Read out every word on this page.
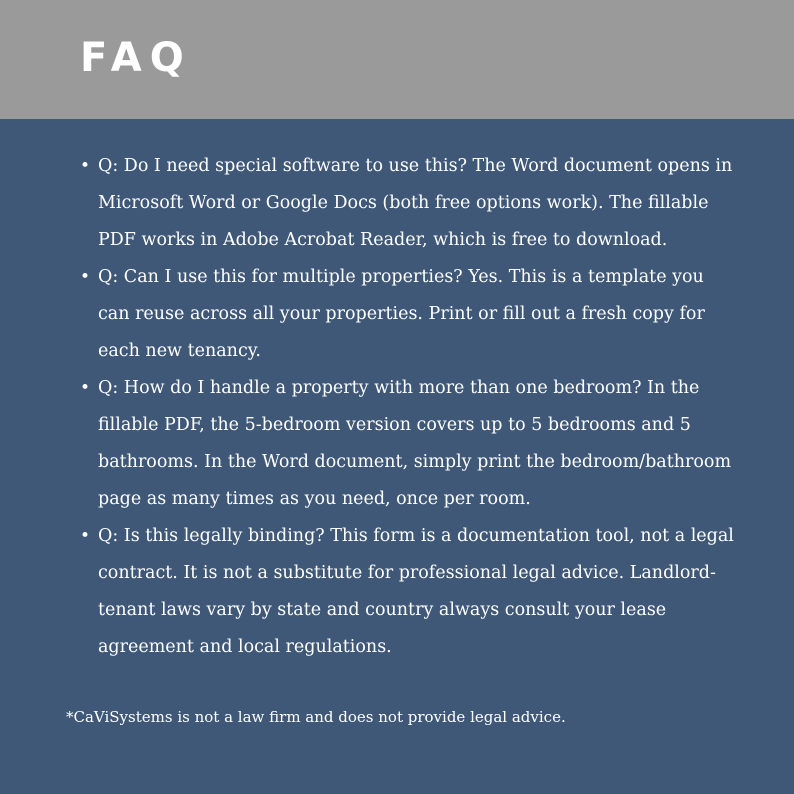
FAQ
• Q: Do I need special software to use this? The Word document opens in Microsoft Word or Google Docs (both free options work). The fillable PDF works in Adobe Acrobat Reader, which is free to download.
• Q: Can I use this for multiple properties? Yes. This is a template you can reuse across all your properties. Print or fill out a fresh copy for each new tenancy.
• Q: How do I handle a property with more than one bedroom? In the fillable PDF, the 5-bedroom version covers up to 5 bedrooms and 5 bathrooms. In the Word document, simply print the bedroom/bathroom page as many times as you need, once per room.
• Q: Is this legally binding? This form is a documentation tool, not a legal contract. It is not a substitute for professional legal advice. Landlord-tenant laws vary by state and country always consult your lease agreement and local regulations.

*CaViSystems is not a law firm and does not provide legal advice.
